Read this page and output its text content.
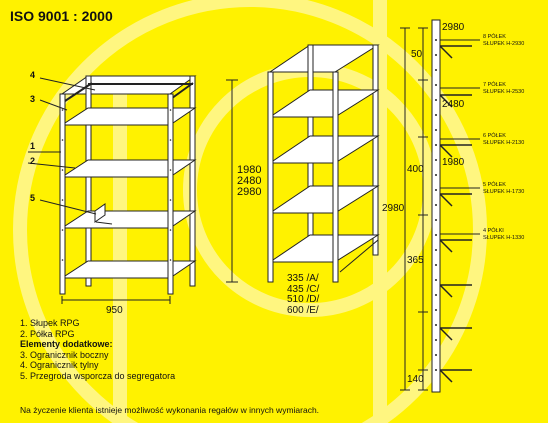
ISO 9001 : 2000
4
3
1
2
5
950
1980
2480
2980
335 /A/
435 /C/
510 /D/
600 /E/
2980
2480
1980
50
400
365
140
2980
8 PÓŁEK
SŁUPEK H-2930
7 PÓŁEK
SŁUPEK H-2530
6 PÓŁEK
SŁUPEK H-2130
5 PÓŁEK
SŁUPEK H-1730
4 PÓŁKI
SŁUPEK H-1330
1. Słupek RPG
2. Półka RPG
Elementy dodatkowe:
3. Ogranicznik boczny
4. Ogranicznik tylny
5. Przegroda wsporcza do segregatora
Na życzenie klienta istnieje możliwość wykonania regałów w innych wymiarach.
